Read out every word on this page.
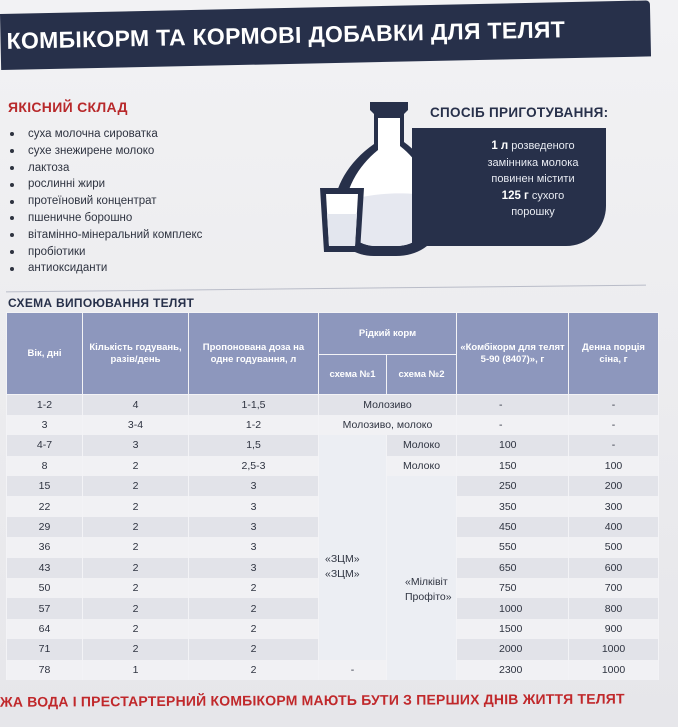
КОМБІКОРМ ТА КОРМОВІ ДОБАВКИ ДЛЯ ТЕЛЯТ
ЯКІСНИЙ СКЛАД
суха молочна сироватка
сухе знежирене молоко
лактоза
рослинні жири
протеїновий концентрат
пшеничне борошно
вітамінно-мінеральний комплекс
пробіотики
антиоксиданти
СПОСІБ ПРИГОТУВАННЯ:
1 л розведеного
замінника молока
повинен містити
125 г сухого
порошку
СХЕМА ВИПОЮВАННЯ ТЕЛЯТ
Вік, дні	Кількість годувань, разів/день	Пропонована доза на одне годування, л	Рідкий корм		«Комбікорм для телят 5-90 (8407)», г	Денна порція сіна, г
			схема №1	схема №2		
1-2	4	1-1,5	Молозиво		-	-
3	3-4	1-2	Молозиво, молоко		-	-
4-7	3	1,5	«ЗЦМ» «ЗЦМ»	Молоко	100	-
8	2	2,5-3		Молоко	150	100
15	2	3		«Мілківіт Профіто»	250	200
22	2	3			350	300
29	2	3			450	400
36	2	3			550	500
43	2	3			650	600
50	2	2			750	700
57	2	2			1000	800
64	2	2			1500	900
71	2	2			2000	1000
78	1	2	-		2300	1000
ЖА ВОДА І ПРЕСТАРТЕРНИЙ КОМБІКОРМ МАЮТЬ БУТИ З ПЕРШИХ ДНІВ ЖИТТЯ ТЕЛЯТ
